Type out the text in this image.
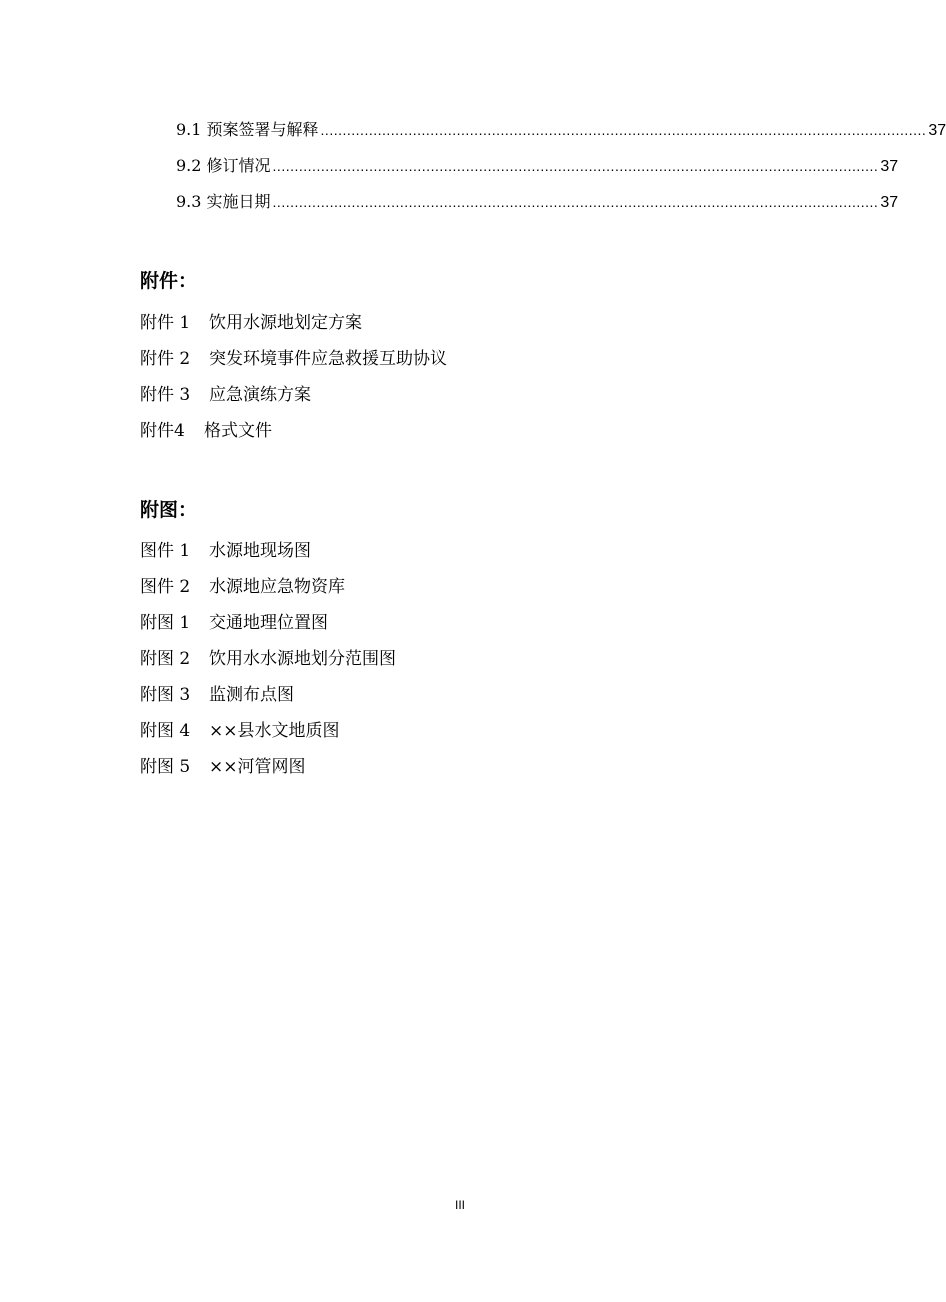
9.1 预案签署与解释 .......................................................................................................................................... 37
9.2 修订情况 .......................................................................................................................................... 37
9.3 实施日期 .......................................................................................................................................... 37
附件：
附件 1	饮用水源地划定方案
附件 2	突发环境事件应急救援互助协议
附件 3	应急演练方案
附件4	格式文件
附图：
图件 1	水源地现场图
图件 2	水源地应急物资库
附图 1	交通地理位置图
附图 2	饮用水水源地划分范围图
附图 3	监测布点图
附图 4	××县水文地质图
附图 5	××河管网图
III
